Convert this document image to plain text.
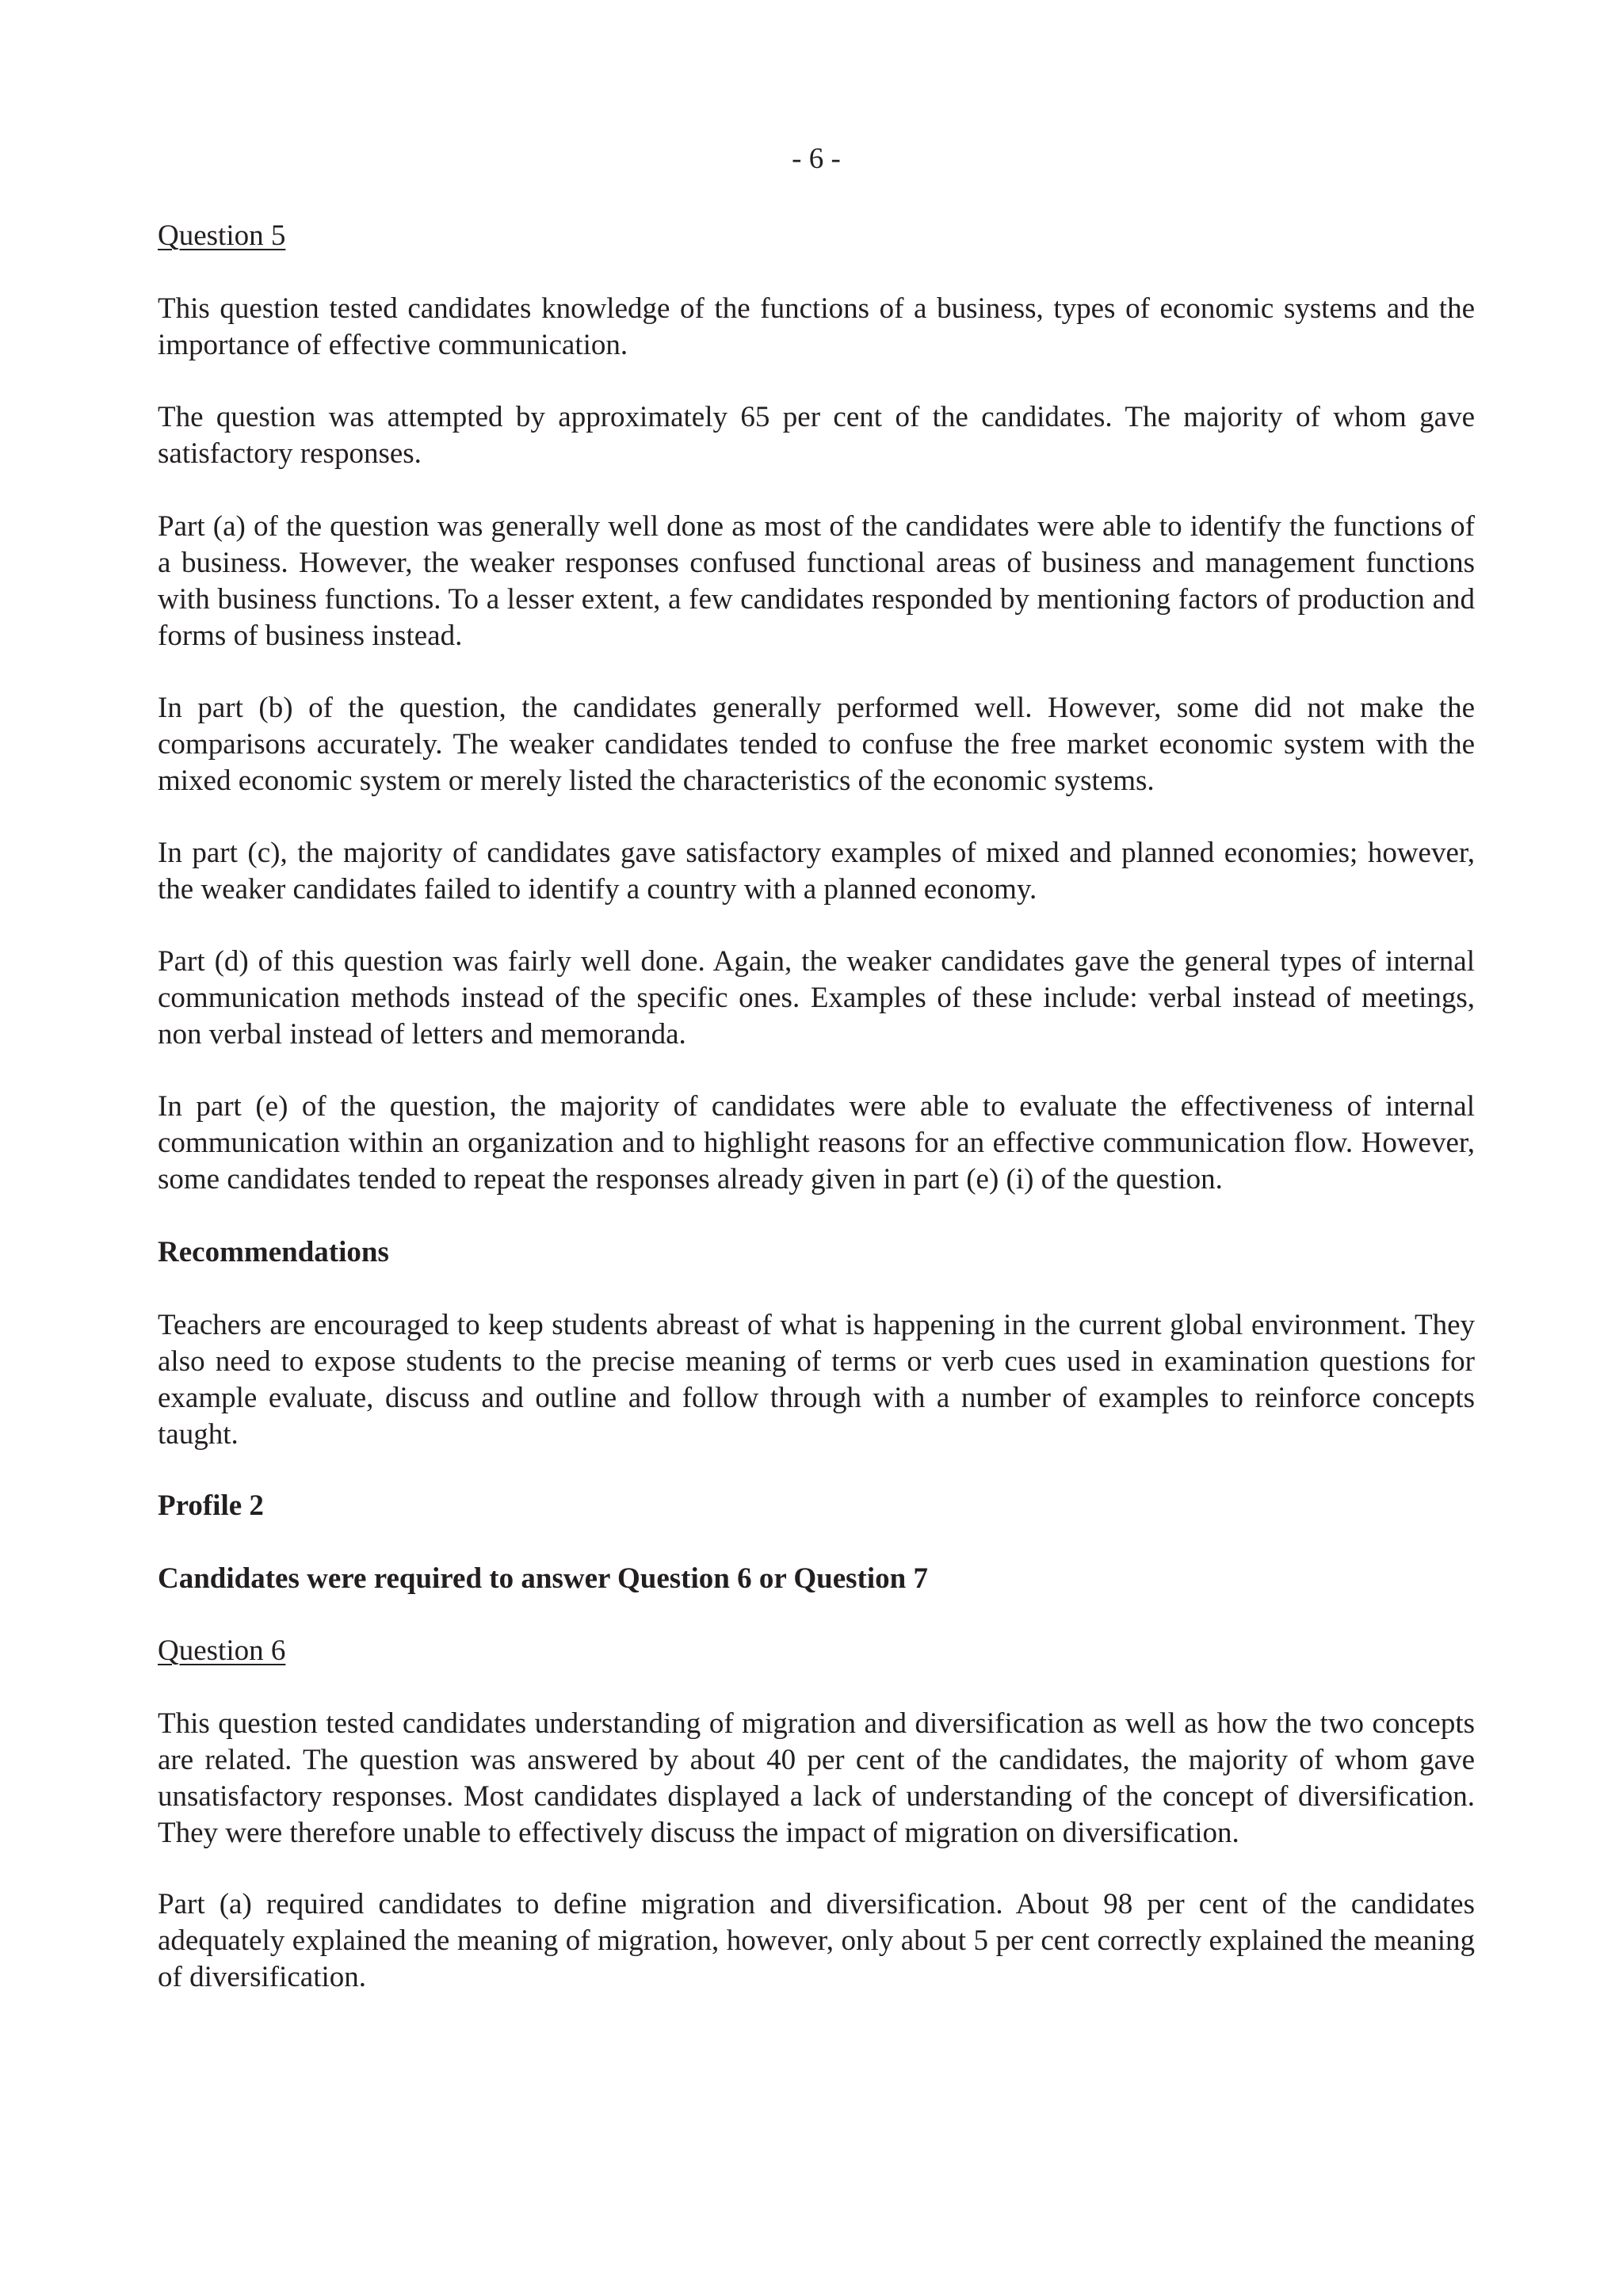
- 6 -

Question 5

This question tested candidates knowledge of the functions of a business, types of economic systems and the importance of effective communication.

The question was attempted by approximately 65 per cent of the candidates. The majority of whom gave satisfactory responses.

Part (a) of the question was generally well done as most of the candidates were able to identify the functions of a business. However, the weaker responses confused functional areas of business and management functions with business functions. To a lesser extent, a few candidates responded by mentioning factors of production and forms of business instead.

In part (b) of the question, the candidates generally performed well. However, some did not make the comparisons accurately. The weaker candidates tended to confuse the free market economic system with the mixed economic system or merely listed the characteristics of the economic systems.

In part (c), the majority of candidates gave satisfactory examples of mixed and planned economies; however, the weaker candidates failed to identify a country with a planned economy.

Part (d) of this question was fairly well done. Again, the weaker candidates gave the general types of internal communication methods instead of the specific ones. Examples of these include: verbal instead of meetings, non verbal instead of letters and memoranda.

In part (e) of the question, the majority of candidates were able to evaluate the effectiveness of internal communication within an organization and to highlight reasons for an effective communication flow. However, some candidates tended to repeat the responses already given in part (e) (i) of the question.

Recommendations

Teachers are encouraged to keep students abreast of what is happening in the current global environment. They also need to expose students to the precise meaning of terms or verb cues used in examination questions for example evaluate, discuss and outline and follow through with a number of examples to reinforce concepts taught.

Profile 2

Candidates were required to answer Question 6 or Question 7

Question 6

This question tested candidates understanding of migration and diversification as well as how the two concepts are related. The question was answered by about 40 per cent of the candidates, the majority of whom gave unsatisfactory responses. Most candidates displayed a lack of understanding of the concept of diversification. They were therefore unable to effectively discuss the impact of migration on diversification.

Part (a) required candidates to define migration and diversification. About 98 per cent of the candidates adequately explained the meaning of migration, however, only about 5 per cent correctly explained the meaning of diversification.
